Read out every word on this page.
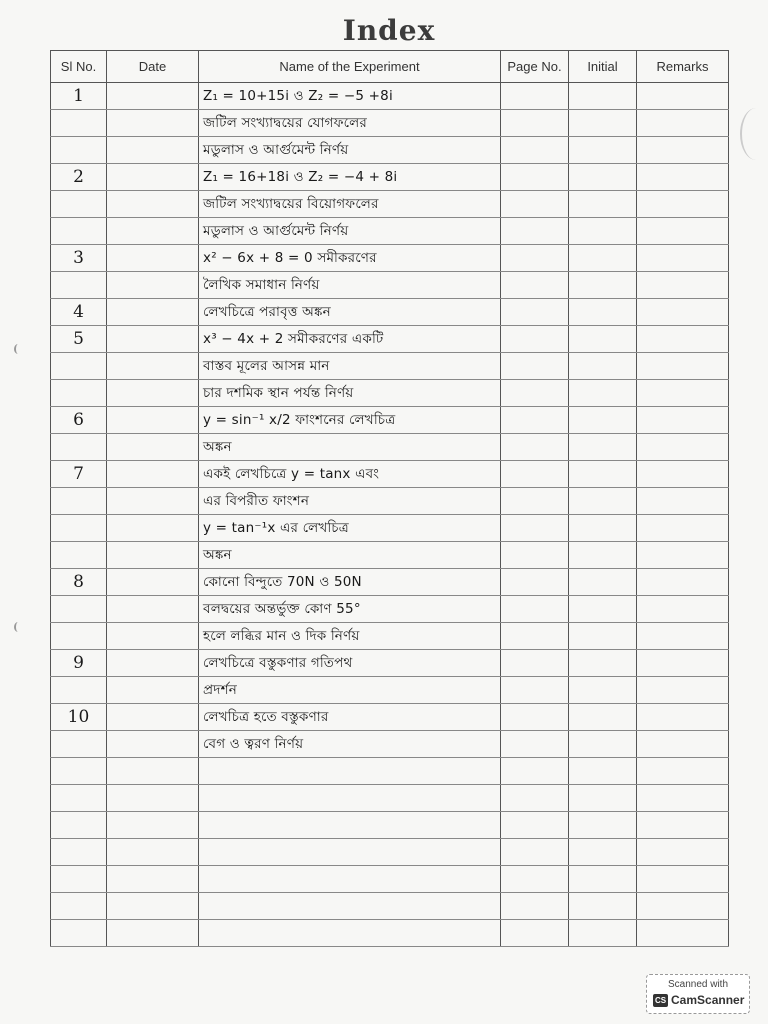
Index
Sl No.	Date	Name of the Experiment	Page No.	Initial	Remarks
1		Z₁ = 10+15i ও Z₂ = −5 +8i			
		জটিল সংখ্যাদ্বয়ের যোগফলের			
		মডুলাস ও আর্গুমেন্ট নির্ণয়			
2		Z₁ = 16+18i ও Z₂ = −4 + 8i			
		জটিল সংখ্যাদ্বয়ের বিয়োগফলের			
		মডুলাস ও আর্গুমেন্ট নির্ণয়			
3		x² − 6x + 8 = 0 সমীকরণের			
		লৈখিক সমাধান নির্ণয়			
4		লেখচিত্রে পরাবৃত্ত অঙ্কন			
5		x³ − 4x + 2 সমীকরণের একটি			
		বাস্তব মূলের আসন্ন মান			
		চার দশমিক স্থান পর্যন্ত নির্ণয়			
6		y = sin⁻¹ x/2 ফাংশনের লেখচিত্র			
		অঙ্কন			
7		একই লেখচিত্রে y = tanx এবং			
		এর বিপরীত ফাংশন			
		y = tan⁻¹x এর লেখচিত্র			
		অঙ্কন			
8		কোনো বিন্দুতে 70N ও 50N			
		বলদ্বয়ের অন্তর্ভুক্ত কোণ 55°			
		হলে লব্ধির মান ও দিক নির্ণয়			
9		লেখচিত্রে বস্তুকণার গতিপথ			
		প্রদর্শন			
10		লেখচিত্র হতে বস্তুকণার			
		বেগ ও ত্বরণ নির্ণয়			

Scanned with
CS CamScanner
